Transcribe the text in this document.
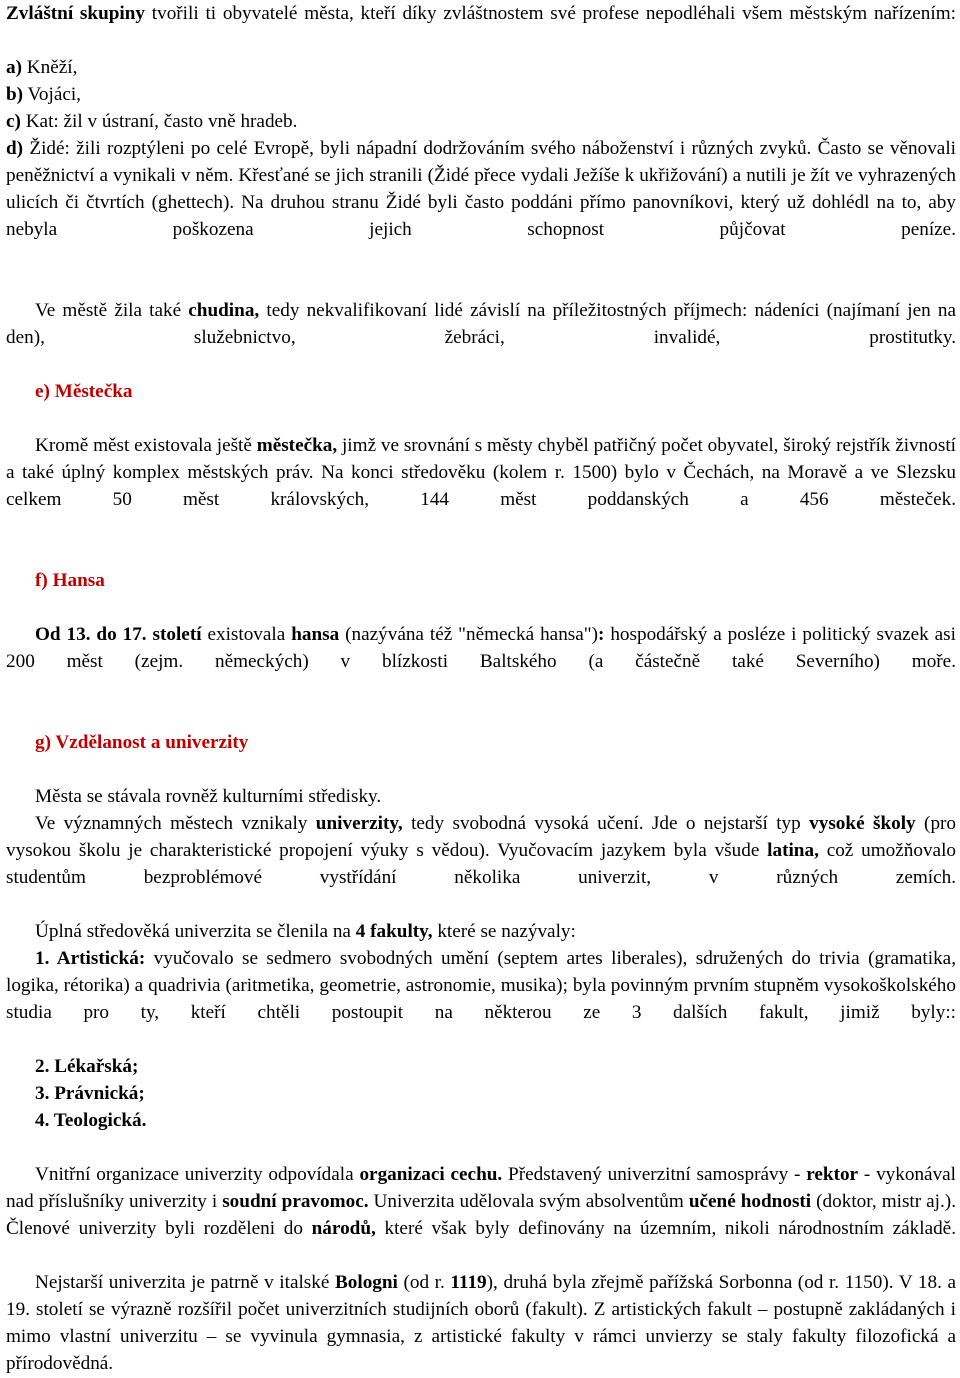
Zvláštní skupiny tvořili ti obyvatelé města, kteří díky zvláštnostem své profese nepodléhali všem městským nařízením:

a) Kněží,

b) Vojáci,

c) Kat: žil v ústraní, často vně hradeb.

d) Židé: žili rozptýleni po celé Evropě, byli nápadní dodržováním svého náboženství i různých zvyků. Často se věnovali peněžnictví a vynikali v něm. Křesťané se jich stranili (Židé přece vydali Ježíše k ukřižování) a nutili je žít ve vyhrazených ulicích či čtvrtích (ghettech). Na druhou stranu Židé byli často poddáni přímo panovníkovi, který už dohlédl na to, aby nebyla poškozena jejich schopnost půjčovat peníze.

Ve městě žila také chudina, tedy nekvalifikovaní lidé závislí na příležitostných příjmech: nádeníci (najímaní jen na den), služebnictvo, žebráci, invalidé, prostitutky.

e) Městečka

Kromě měst existovala ještě městečka, jimž ve srovnání s městy chyběl patřičný počet obyvatel, široký rejstřík živností a také úplný komplex městských práv. Na konci středověku (kolem r. 1500) bylo v Čechách, na Moravě a ve Slezsku celkem 50 měst královských, 144 měst poddanských a 456 městeček.

f) Hansa

Od 13. do 17. století existovala hansa (nazývána též "německá hansa"): hospodářský a posléze i politický svazek asi 200 měst (zejm. německých) v blízkosti Baltského (a částečně také Severního) moře.

g) Vzdělanost a univerzity

Města se stávala rovněž kulturními středisky.

Ve významných městech vznikaly univerzity, tedy svobodná vysoká učení. Jde o nejstarší typ vysoké školy (pro vysokou školu je charakteristické propojení výuky s vědou). Vyučovacím jazykem byla všude latina, což umožňovalo studentům bezproblémové vystřídání několika univerzit, v různých zemích.

Úplná středověká univerzita se členila na 4 fakulty, které se nazývaly:

1. Artistická: vyučovalo se sedmero svobodných umění (septem artes liberales), sdružených do trivia (gramatika, logika, rétorika) a quadrivia (aritmetika, geometrie, astronomie, musika); byla povinným prvním stupněm vysokoškolského studia pro ty, kteří chtěli postoupit na některou ze 3 dalších fakult, jimiž byly::

2. Lékařská;

3. Právnická;

4. Teologická.

Vnitřní organizace univerzity odpovídala organizaci cechu. Představený univerzitní samosprávy - rektor - vykonával nad příslušníky univerzity i soudní pravomoc. Univerzita udělovala svým absolventům učené hodnosti (doktor, mistr aj.). Členové univerzity byli rozděleni do národů, které však byly definovány na územním, nikoli národnostním základě.

Nejstarší univerzita je patrně v italské Bologni (od r. 1119), druhá byla zřejmě pařížská Sorbonna (od r. 1150). V 18. a 19. století se výrazně rozšířil počet univerzitních studijních oborů (fakult). Z artistických fakult – postupně zakládaných i mimo vlastní univerzitu – se vyvinula gymnasia, z artistické fakulty v rámci unvierzy se staly fakulty filozofická a přírodovědná.
